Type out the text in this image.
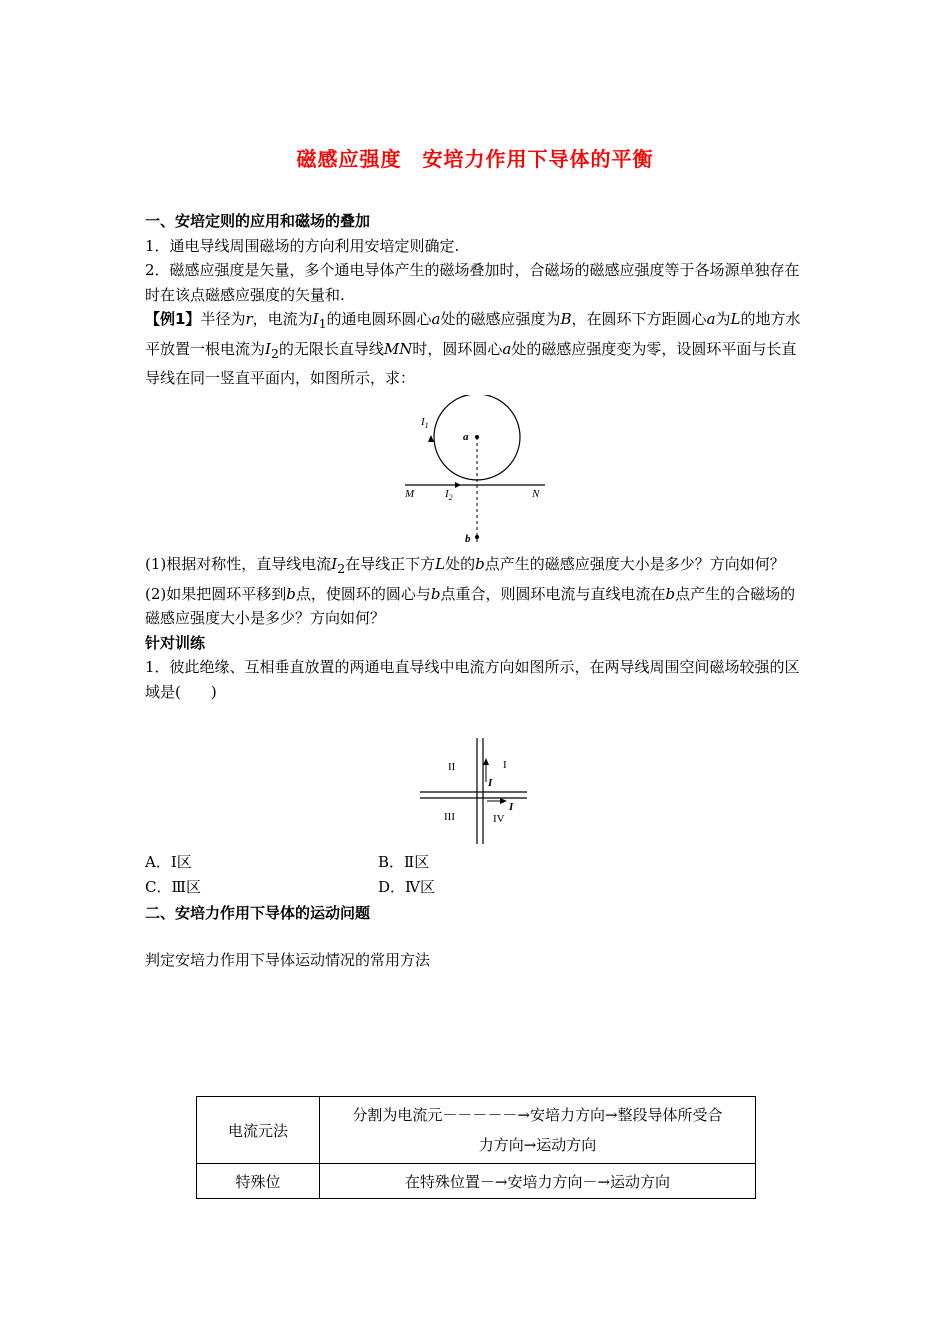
磁感应强度　安培力作用下导体的平衡
一、安培定则的应用和磁场的叠加
1．通电导线周围磁场的方向利用安培定则确定.
2．磁感应强度是矢量，多个通电导体产生的磁场叠加时，合磁场的磁感应强度等于各场源单独存在时在该点磁感应强度的矢量和.
【例1】半径为r，电流为$I_1$的通电圆环圆心a处的磁感应强度为B，在圆环下方距圆心a为L的地方水平放置一根电流为$I_2$的无限长直导线MN时，圆环圆心a处的磁感应强度变为零，设圆环平面与长直导线在同一竖直平面内，如图所示，求：
$I_1$
a
M	$I_2$	N
b
(1)根据对称性，直导线电流$I_2$在导线正下方L处的b点产生的磁感应强度大小是多少？方向如何？
(2)如果把圆环平移到b点，使圆环的圆心与b点重合，则圆环电流与直线电流在b点产生的合磁场的磁感应强度大小是多少？方向如何？
针对训练
1．彼此绝缘、互相垂直放置的两通电直导线中电流方向如图所示，在两导线周围空间磁场较强的区域是(　　)
II	I
I
III	IV
I
A．Ⅰ区	B．Ⅱ区
C．Ⅲ区	D．Ⅳ区
二、安培力作用下导体的运动问题
判定安培力作用下导体运动情况的常用方法
电流元法	分割为电流元－－－－－→安培力方向→整段导体所受合
力方向→运动方向

特殊位	在特殊位置－→安培力方向－→运动方向
